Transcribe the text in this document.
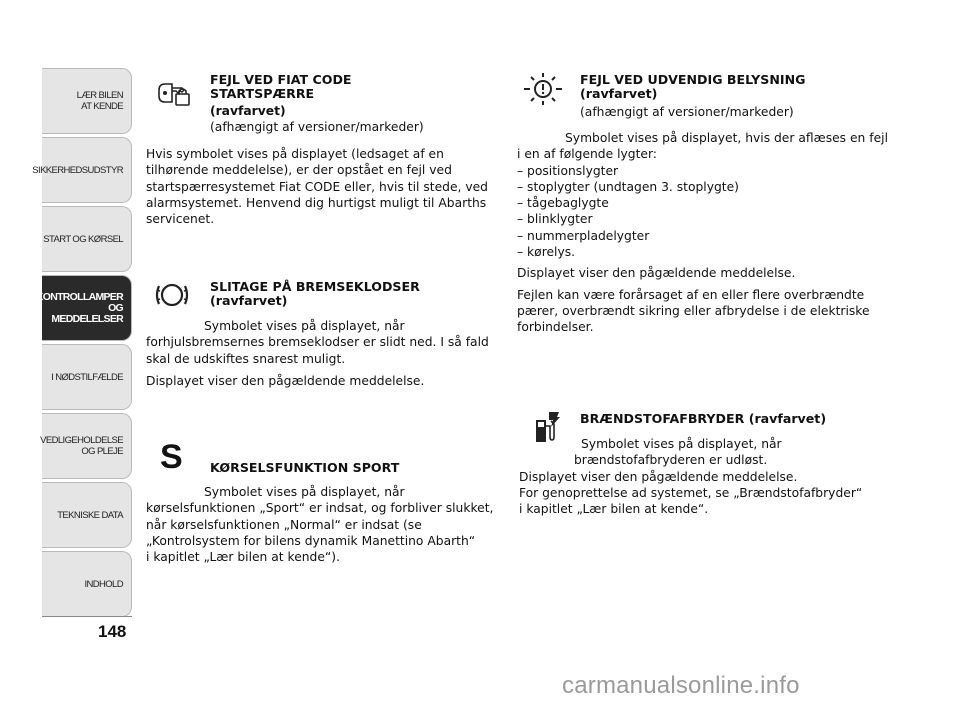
LÆR BILEN
AT KENDE
SIKKERHEDSUDSTYR
START OG KØRSEL
KONTROLLAMPER
OG MEDDELELSER
I NØDSTILFÆLDE
VEDLIGEHOLDELSE
OG PLEJE
TEKNISKE DATA
INDHOLD
148
FEJL VED FIAT CODE
STARTSPÆRRE

(ravfarvet)

(afhængigt af versioner/markeder)

Hvis symbolet vises på displayet (ledsaget af en

tilhørende meddelelse), er der opstået en fejl ved

startspærresystemet Fiat CODE eller, hvis til stede, ved

alarmsystemet. Henvend dig hurtigst muligt til Abarths

servicenet.

SLITAGE PÅ BREMSEKLODSER
(ravfarvet)

Symbolet vises på displayet, når

forhjulsbremsernes bremseklodser er slidt ned. I så fald

skal de udskiftes snarest muligt.

Displayet viser den pågældende meddelelse.

S KØRSELSFUNKTION SPORT

Symbolet vises på displayet, når

kørselsfunktionen „Sport“ er indsat, og forbliver slukket,

når kørselsfunktionen „Normal“ er indsat (se

„Kontrolsystem for bilens dynamik Manettino Abarth“

i kapitlet „Lær bilen at kende“).

FEJL VED UDVENDIG BELYSNING
(ravfarvet)
(afhængigt af versioner/markeder)

Symbolet vises på displayet, hvis der aflæses en fejl

i en af følgende lygter:

– positionslygter

– stoplygter (undtagen 3. stoplygte)

– tågebaglygte

– blinklygter

– nummerpladelygter

– kørelys.

Displayet viser den pågældende meddelelse.

Fejlen kan være forårsaget af en eller flere overbrændte

pærer, overbrændt sikring eller afbrydelse i de elektriske

forbindelser.

BRÆNDSTOFAFBRYDER (ravfarvet)

Symbolet vises på displayet, når

brændstofafbryderen er udløst.

Displayet viser den pågældende meddelelse.

For genoprettelse ad systemet, se „Brændstofafbryder“

i kapitlet „Lær bilen at kende“.

carmanualsonline.info
